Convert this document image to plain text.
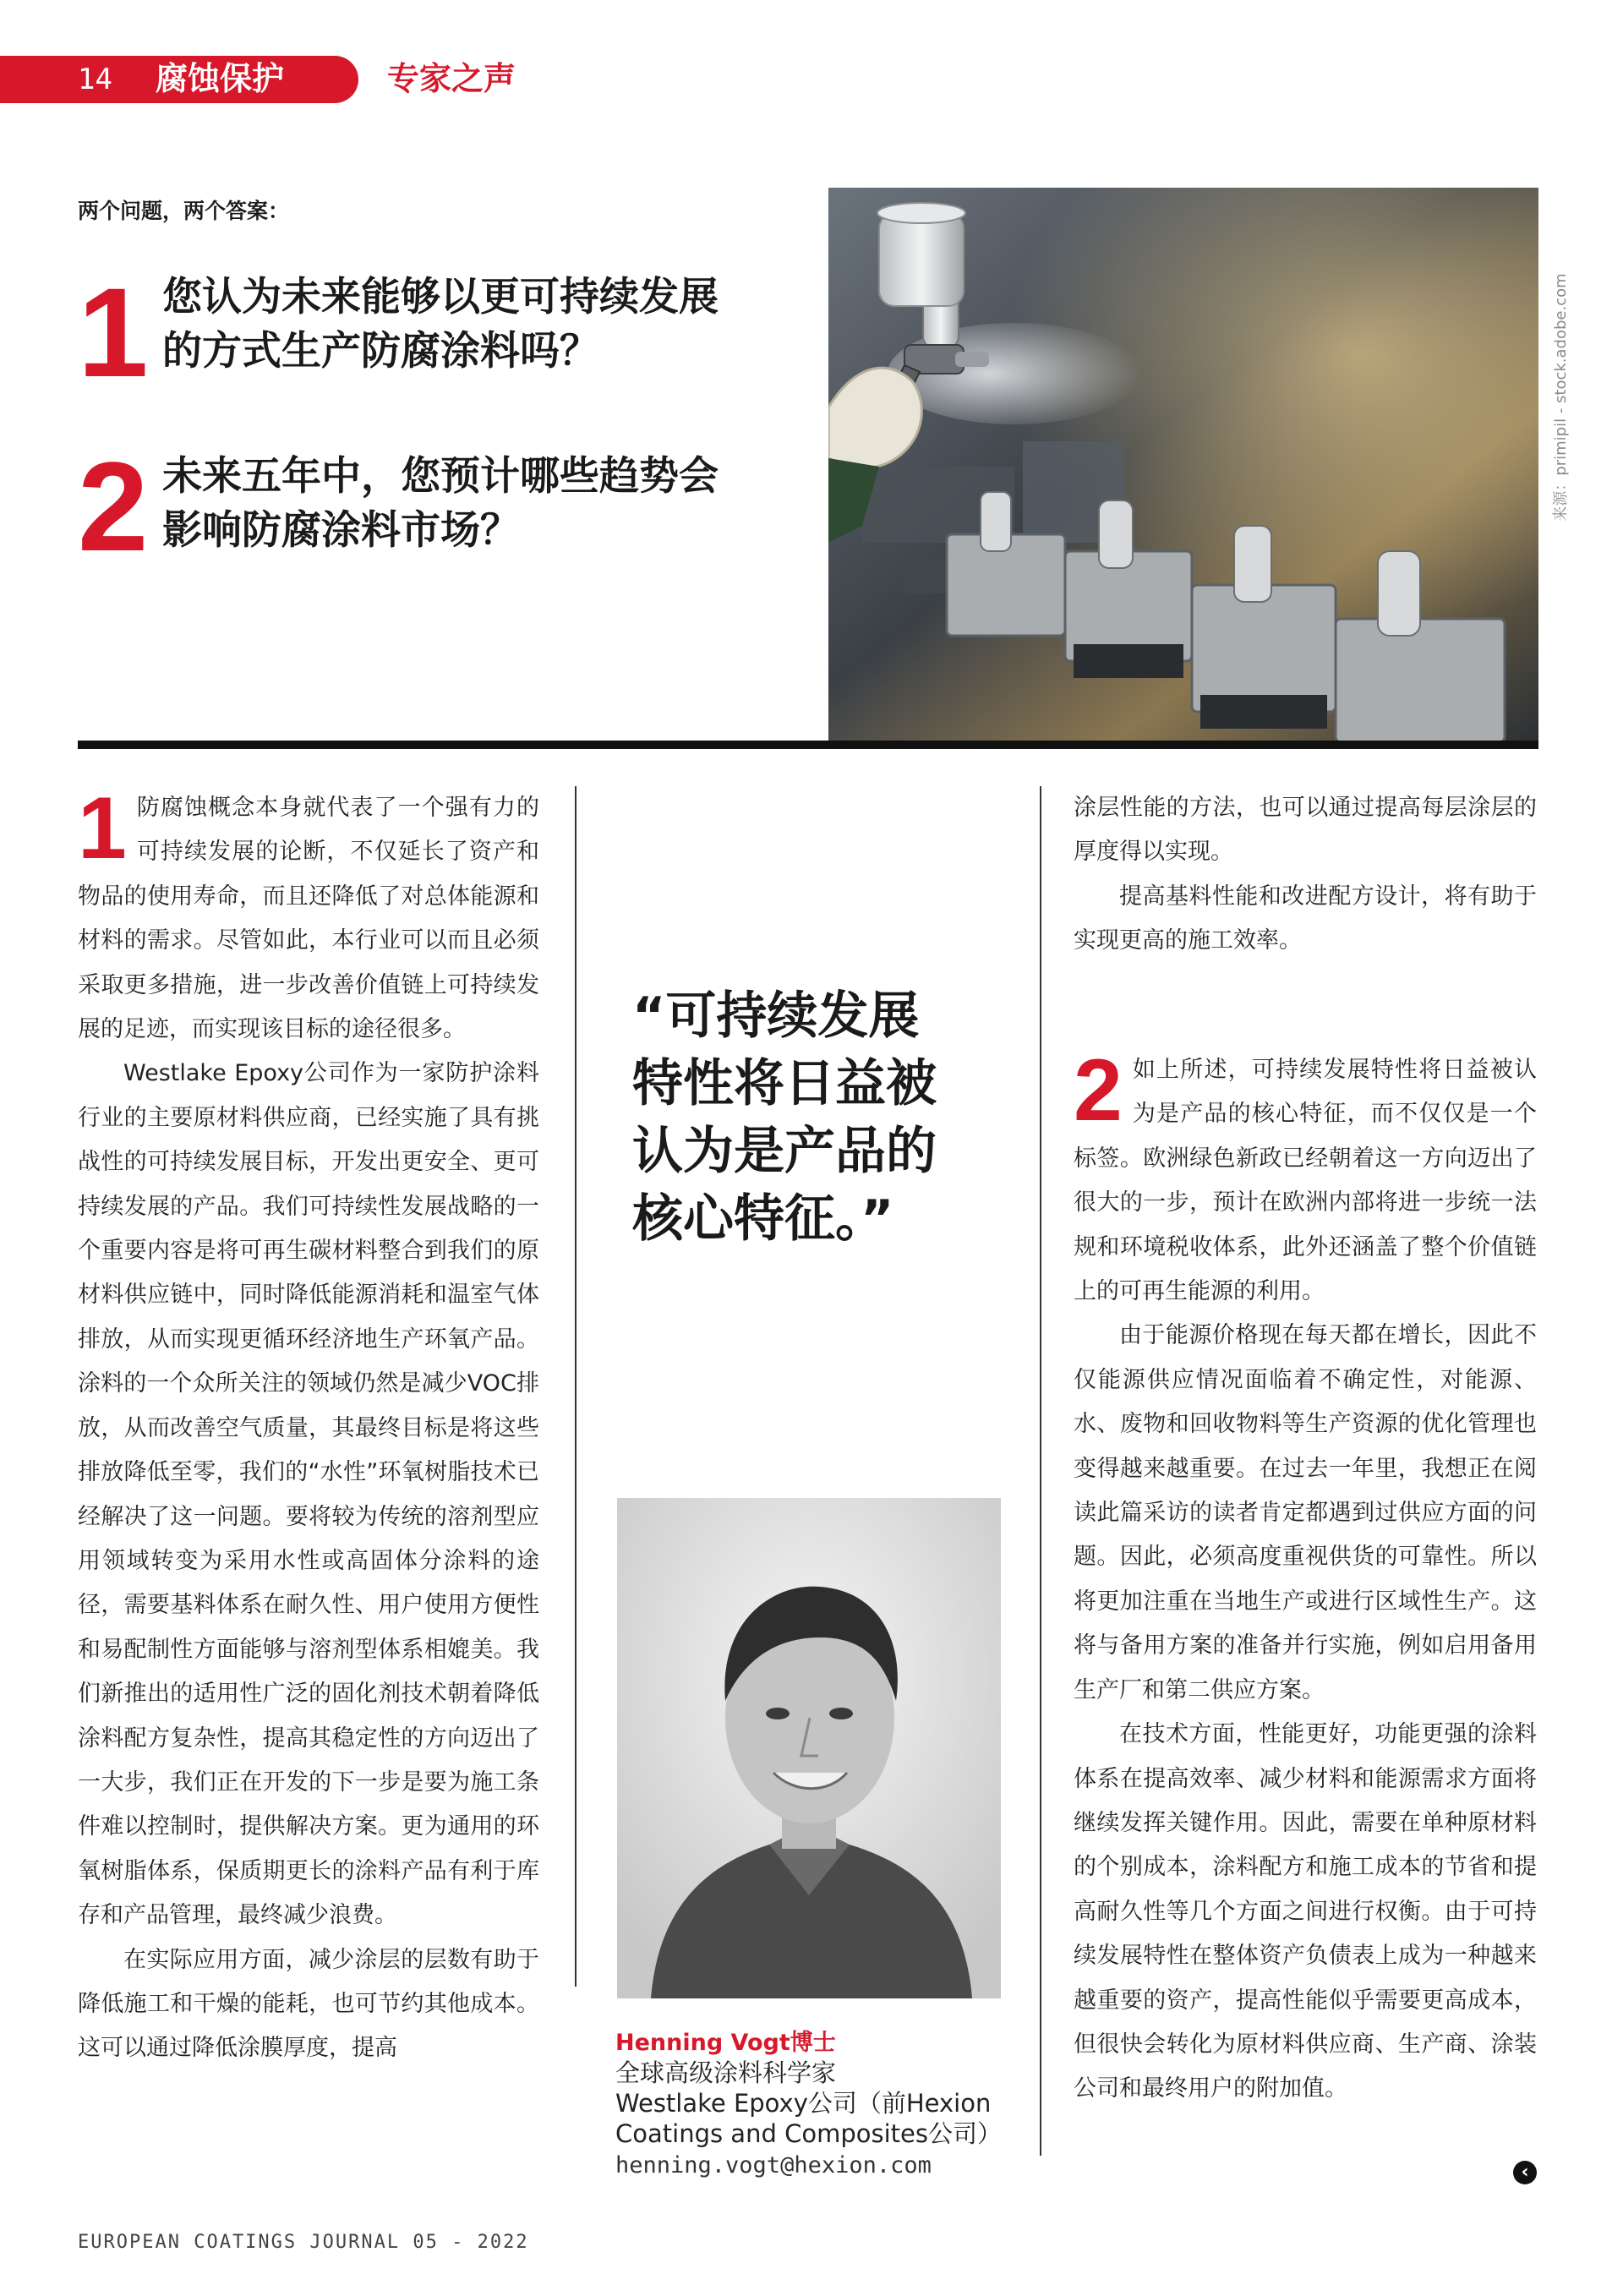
14 腐蚀保护	专家之声
两个问题，两个答案：
1 您认为未来能够以更可持续发展
的方式生产防腐涂料吗？
2 未来五年中，您预计哪些趋势会
影响防腐涂料市场？
来源：primipil - stock.adobe.com

1 防腐蚀概念本身就代表了一个强有力的可持续发展的论断，不仅延长了资产和物品的使用寿命，而且还降低了对总体能源和材料的需求。尽管如此，本行业可以而且必须采取更多措施，进一步改善价值链上可持续发展的足迹，而实现该目标的途径很多。

Westlake Epoxy公司作为一家防护涂料行业的主要原材料供应商，已经实施了具有挑战性的可持续发展目标，开发出更安全、更可持续发展的产品。我们可持续性发展战略的一个重要内容是将可再生碳材料整合到我们的原材料供应链中，同时降低能源消耗和温室气体排放，从而实现更循环经济地生产环氧产品。涂料的一个众所关注的领域仍然是减少VOC排放，从而改善空气质量，其最终目标是将这些排放降低至零，我们的“水性”环氧树脂技术已经解决了这一问题。要将较为传统的溶剂型应用领域转变为采用水性或高固体分涂料的途径，需要基料体系在耐久性、用户使用方便性和易配制性方面能够与溶剂型体系相媲美。我们新推出的适用性广泛的固化剂技术朝着降低涂料配方复杂性，提高其稳定性的方向迈出了一大步，我们正在开发的下一步是要为施工条件难以控制时，提供解决方案。更为通用的环氧树脂体系，保质期更长的涂料产品有利于库存和产品管理，最终减少浪费。

在实际应用方面，减少涂层的层数有助于降低施工和干燥的能耗，也可节约其他成本。这可以通过降低涂膜厚度，提高

“可持续发展
特性将日益被
认为是产品的
核心特征。”
Henning Vogt博士
全球高级涂料科学家
Westlake Epoxy公司（前Hexion
Coatings and Composites公司）
henning.vogt@hexion.com

涂层性能的方法，也可以通过提高每层涂层的厚度得以实现。

提高基料性能和改进配方设计，将有助于实现更高的施工效率。

2 如上所述，可持续发展特性将日益被认为是产品的核心特征，而不仅仅是一个标签。欧洲绿色新政已经朝着这一方向迈出了很大的一步，预计在欧洲内部将进一步统一法规和环境税收体系，此外还涵盖了整个价值链上的可再生能源的利用。

由于能源价格现在每天都在增长，因此不仅能源供应情况面临着不确定性，对能源、水、废物和回收物料等生产资源的优化管理也变得越来越重要。在过去一年里，我想正在阅读此篇采访的读者肯定都遇到过供应方面的问题。因此，必须高度重视供货的可靠性。所以将更加注重在当地生产或进行区域性生产。这将与备用方案的准备并行实施，例如启用备用生产厂和第二供应方案。

在技术方面，性能更好，功能更强的涂料体系在提高效率、减少材料和能源需求方面将继续发挥关键作用。因此，需要在单种原材料的个别成本，涂料配方和施工成本的节省和提高耐久性等几个方面之间进行权衡。由于可持续发展特性在整体资产负债表上成为一种越来越重要的资产，提高性能似乎需要更高成本，但很快会转化为原材料供应商、生产商、涂装公司和最终用户的附加值。

‹
EUROPEAN COATINGS JOURNAL 05 - 2022
